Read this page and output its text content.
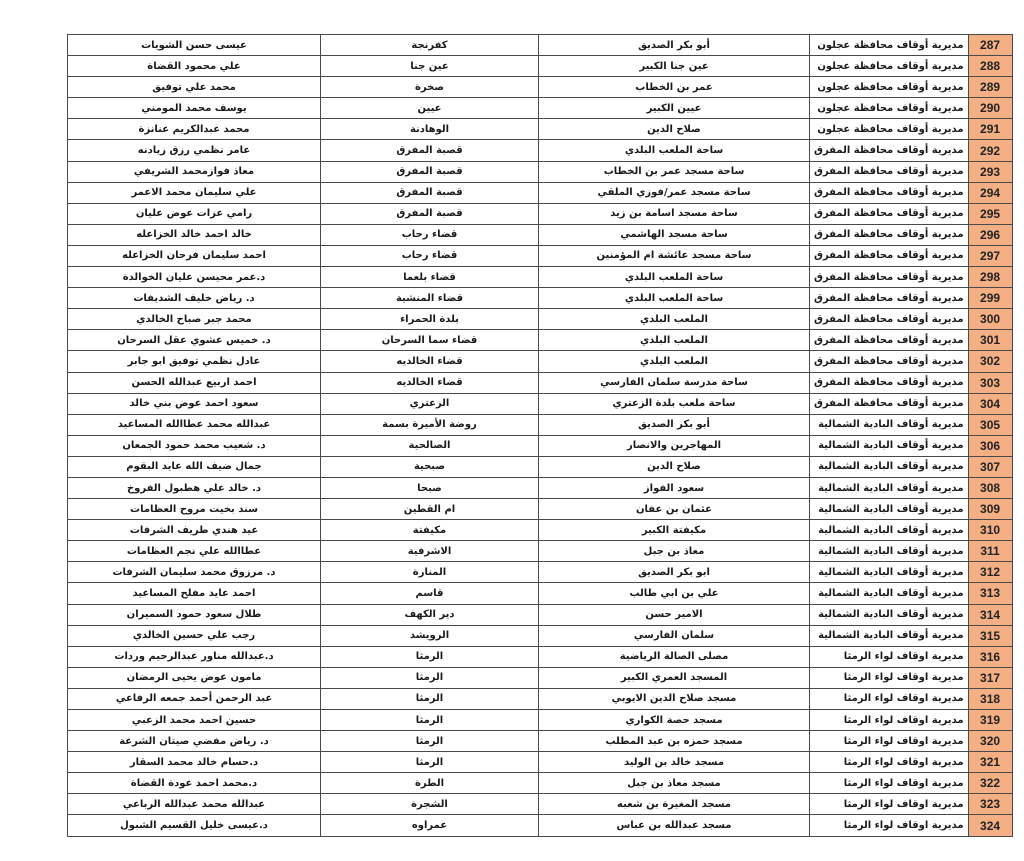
287	مديرية أوقاف محافظة عجلون	أبو بكر الصديق	كفرنجة	عيسى حسن الشويات
288	مديرية أوقاف محافظة عجلون	عين جنا الكبير	عين جنا	علي محمود القضاة
289	مديرية أوقاف محافظة عجلون	عمر بن الخطاب	صخرة	محمد علي توفيق
290	مديرية أوقاف محافظة عجلون	عيين الكبير	عيين	يوسف محمد المومني
291	مديرية أوقاف محافظة عجلون	صلاح الدين	الوهادنة	محمد عبدالكريم عنانزة
292	مديرية أوقاف محافظة المفرق	ساحة الملعب البلدي	قصبة المفرق	عامر نظمي رزق زيادنه
293	مديرية أوقاف محافظة المفرق	ساحة مسجد عمر بن الخطاب	قصبة المفرق	معاذ فوازمحمد الشريفي
294	مديرية أوقاف محافظة المفرق	ساحة مسجد عمر/فوزي الملقي	قصبة المفرق	علي سليمان محمد الاعمر
295	مديرية أوقاف محافظة المفرق	ساحة مسجد اسامة بن زيد	قصبة المفرق	رامي عزات عوض عليان
296	مديرية أوقاف محافظة المفرق	ساحة مسجد الهاشمي	قضاء رحاب	خالد احمد خالد الخزاعله
297	مديرية أوقاف محافظة المفرق	ساحة مسجد عائشة ام المؤمنين	قضاء رحاب	احمد سليمان فرحان الخزاعله
298	مديرية أوقاف محافظة المفرق	ساحة الملعب البلدي	قضاء بلعما	د.عمر محيسن عليان الخوالدة
299	مديرية أوقاف محافظة المفرق	ساحة الملعب البلدي	قضاء المنشية	د. رياض خليف الشديفات
300	مديرية أوقاف محافظة المفرق	الملعب البلدي	بلدة الحمراء	محمد جبر صباح الخالدي
301	مديرية أوقاف محافظة المفرق	الملعب البلدي	قضاء سما السرحان	د. خميس عشوي عقل السرحان
302	مديرية أوقاف محافظة المفرق	الملعب البلدي	قضاء الخالديه	عادل نظمي توفيق ابو جابر
303	مديرية أوقاف محافظة المفرق	ساحة مدرسة سلمان الفارسي	قضاء الخالديه	احمد اربيع عبدالله الحسن
304	مديرية أوقاف محافظة المفرق	ساحة ملعب بلدة الزعتري	الزعتري	سعود احمد عوض بني خالد
305	مديرية أوقاف البادية الشمالية	أبو بكر الصديق	روضة الأميرة بسمة	عبدالله محمد عطاالله المساعيد
306	مديرية أوقاف البادية الشمالية	المهاجرين والانصار	الصالحية	د. شعيب محمد حمود الجمعان
307	مديرية أوقاف البادية الشمالية	صلاح الدين	صبحية	جمال ضيف الله عايد البقوم
308	مديرية أوقاف البادية الشمالية	سعود الفواز	صبحا	د. خالد علي هطبول الفروخ
309	مديرية أوقاف البادية الشمالية	عثمان بن عفان	ام القطين	سند بخيت مروح العظامات
310	مديرية أوقاف البادية الشمالية	مكيفتة الكبير	مكيفتة	عيد هندي طريف الشرفات
311	مديرية أوقاف البادية الشمالية	معاذ بن جبل	الاشرفية	عطاالله علي نجم العظامات
312	مديرية أوقاف البادية الشمالية	ابو بكر الصديق	المنارة	د. مرزوق محمد سليمان الشرفات
313	مديرية أوقاف البادية الشمالية	علي بن ابي طالب	قاسم	احمد عايد مفلح المساعيد
314	مديرية أوقاف البادية الشمالية	الامير حسن	دير الكهف	طلال سعود حمود السميران
315	مديرية أوقاف البادية الشمالية	سلمان الفارسي	الرويشد	رجب علي حسين الخالدي
316	مديرية اوقاف لواء الرمثا	مصلى الصالة الرياضية	الرمثا	د.عبدالله مناور عبدالرحيم وردات
317	مديرية اوقاف لواء الرمثا	المسجد العمري الكبير	الرمثا	مامون عوض يحيى الرمضان
318	مديرية اوقاف لواء الرمثا	مسجد صلاح الدين الايوبي	الرمثا	عبد الرحمن أحمد جمعه الرفاعي
319	مديرية اوقاف لواء الرمثا	مسجد حصة الكواري	الرمثا	حسين احمد محمد الزعبي
320	مديرية اوقاف لواء الرمثا	مسجد حمزه بن عبد المطلب	الرمثا	د. رياض مفضي صيتان الشرعة
321	مديرية اوقاف لواء الرمثا	مسجد خالد بن الوليد	الرمثا	د.حسام خالد محمد السقار
322	مديرية اوقاف لواء الرمثا	مسجد معاذ بن جبل	الطرة	د.محمد احمد عودة القضاة
323	مديرية اوقاف لواء الرمثا	مسجد المغيرة بن شعبه	الشجرة	عبدالله محمد عبدالله الرباعي
324	مديرية اوقاف لواء الرمثا	مسجد عبدالله بن عباس	عمراوه	د.عيسى خليل القسيم الشبول
